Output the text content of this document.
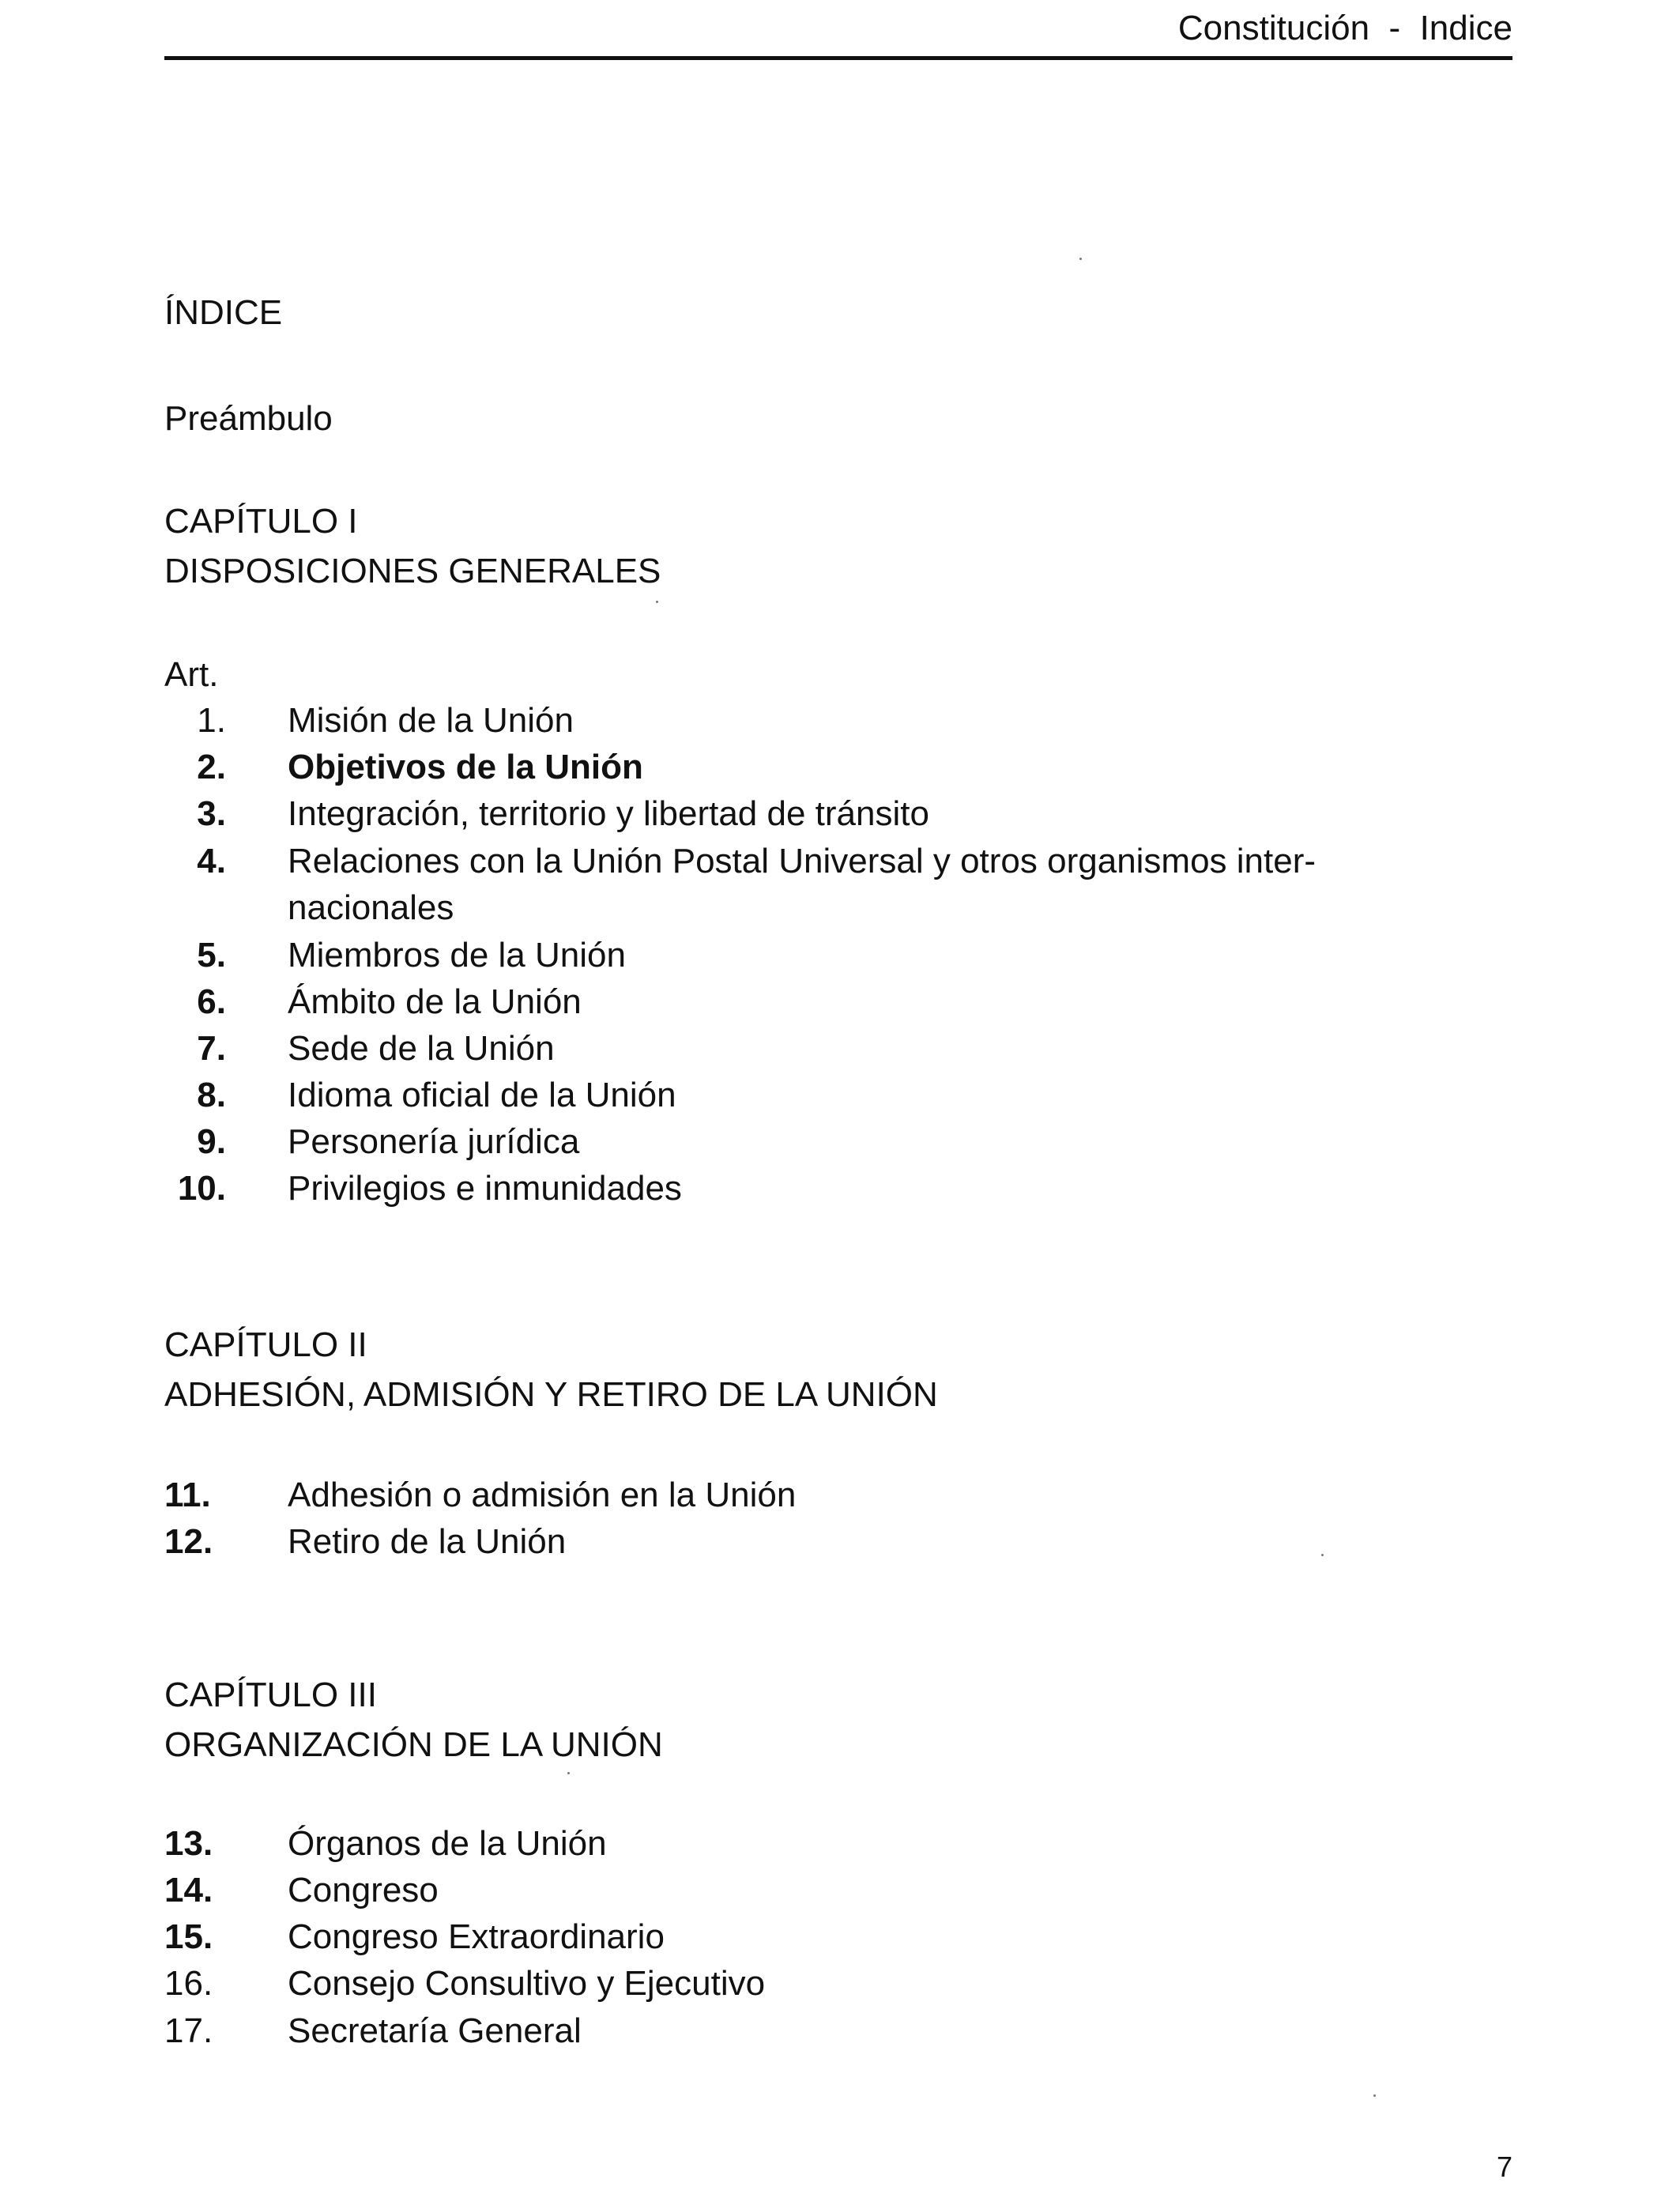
Constitución  -  Indice
ÍNDICE
Preámbulo
CAPÍTULO I
DISPOSICIONES GENERALES
Art.
1. Misión de la Unión
2. Objetivos de la Unión
3. Integración, territorio y libertad de tránsito
4. Relaciones con la Unión Postal Universal y otros organismos inter-
nacionales
5. Miembros de la Unión
6. Ámbito de la Unión
7. Sede de la Unión
8. Idioma oficial de la Unión
9. Personería jurídica
10. Privilegios e inmunidades
CAPÍTULO II
ADHESIÓN, ADMISIÓN Y RETIRO DE LA UNIÓN
11.	Adhesión o admisión en la Unión
12.	Retiro de la Unión
CAPÍTULO III
ORGANIZACIÓN DE LA UNIÓN
13.	Órganos de la Unión
14.	Congreso
15.	Congreso Extraordinario
16.	Consejo Consultivo y Ejecutivo
17.	Secretaría General
7
